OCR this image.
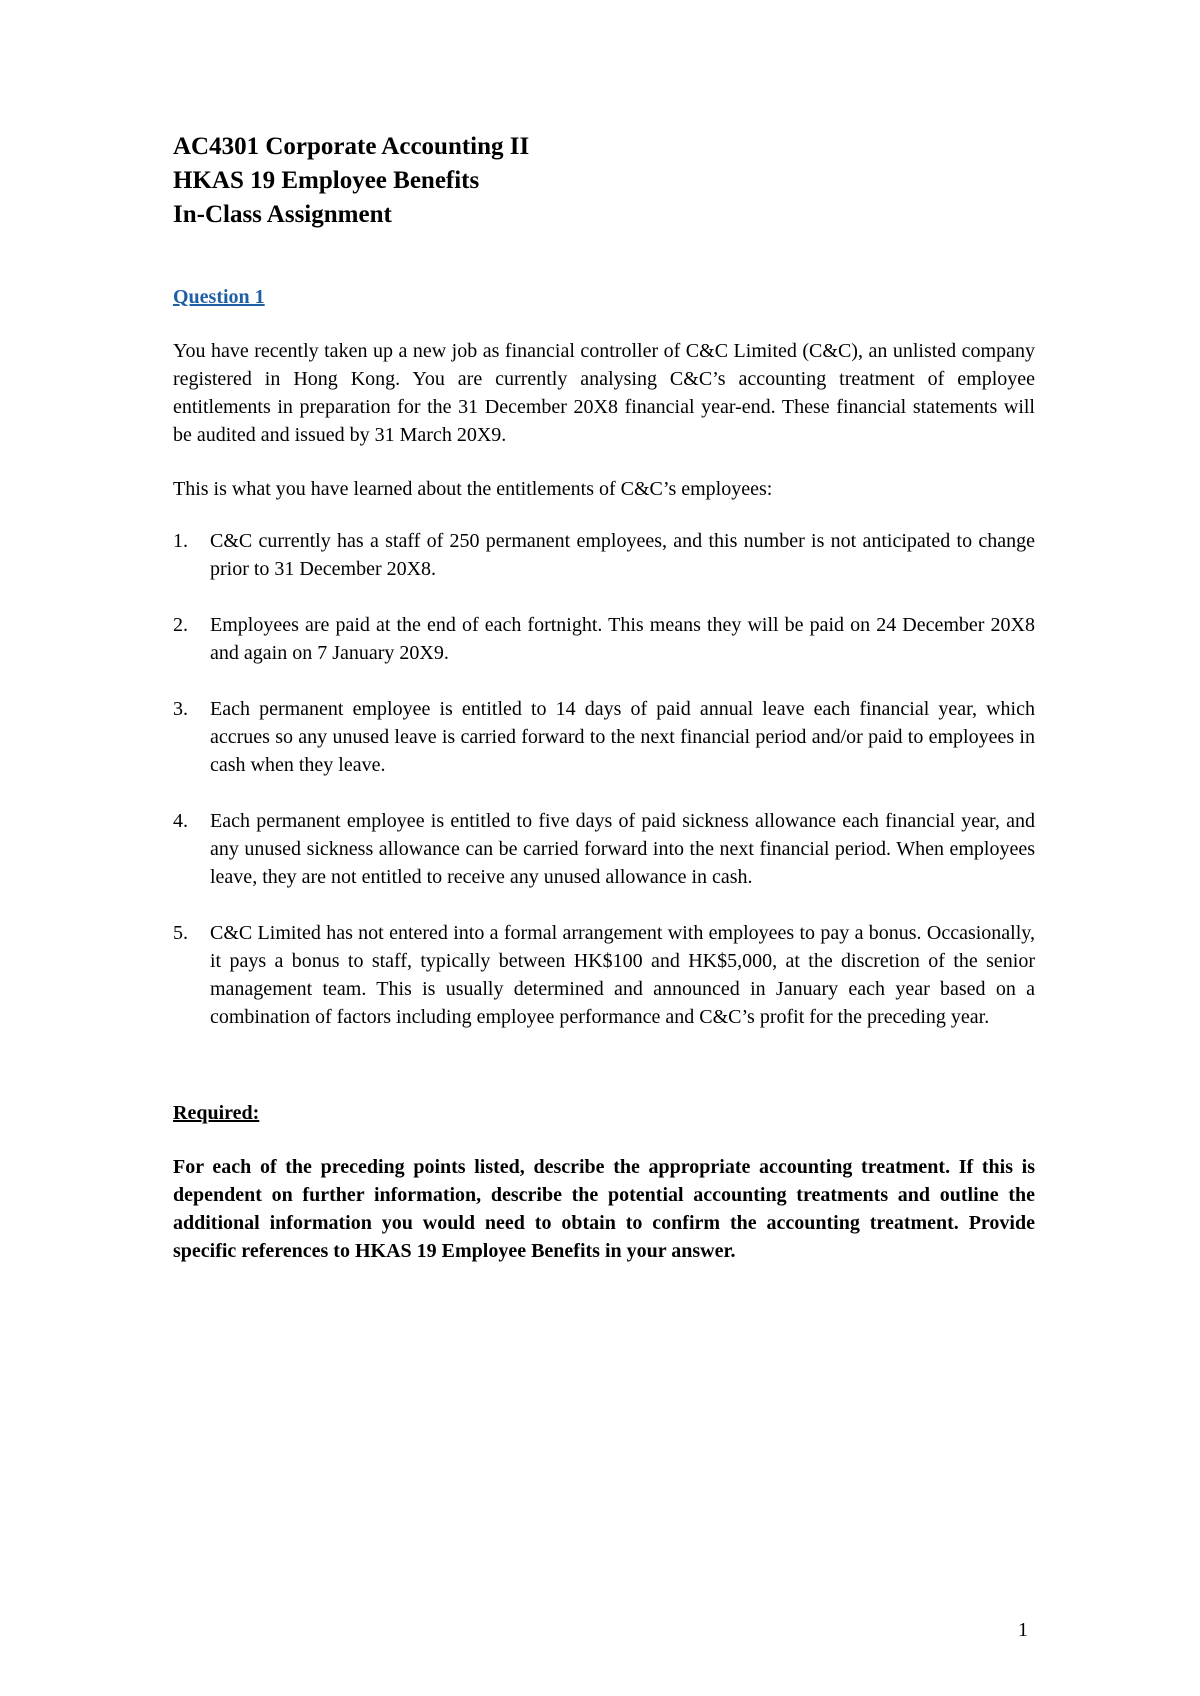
AC4301 Corporate Accounting II
HKAS 19 Employee Benefits
In-Class Assignment
Question 1

You have recently taken up a new job as financial controller of C&C Limited (C&C), an unlisted company registered in Hong Kong. You are currently analysing C&C’s accounting treatment of employee entitlements in preparation for the 31 December 20X8 financial year-end. These financial statements will be audited and issued by 31 March 20X9.

This is what you have learned about the entitlements of C&C’s employees:

1. C&C currently has a staff of 250 permanent employees, and this number is not anticipated to change prior to 31 December 20X8.

2. Employees are paid at the end of each fortnight. This means they will be paid on 24 December 20X8 and again on 7 January 20X9.

3. Each permanent employee is entitled to 14 days of paid annual leave each financial year, which accrues so any unused leave is carried forward to the next financial period and/or paid to employees in cash when they leave.

4. Each permanent employee is entitled to five days of paid sickness allowance each financial year, and any unused sickness allowance can be carried forward into the next financial period. When employees leave, they are not entitled to receive any unused allowance in cash.

5. C&C Limited has not entered into a formal arrangement with employees to pay a bonus. Occasionally, it pays a bonus to staff, typically between HK$100 and HK$5,000, at the discretion of the senior management team. This is usually determined and announced in January each year based on a combination of factors including employee performance and C&C’s profit for the preceding year.

Required:

For each of the preceding points listed, describe the appropriate accounting treatment. If this is dependent on further information, describe the potential accounting treatments and outline the additional information you would need to obtain to confirm the accounting treatment. Provide specific references to HKAS 19 Employee Benefits in your answer.

1
